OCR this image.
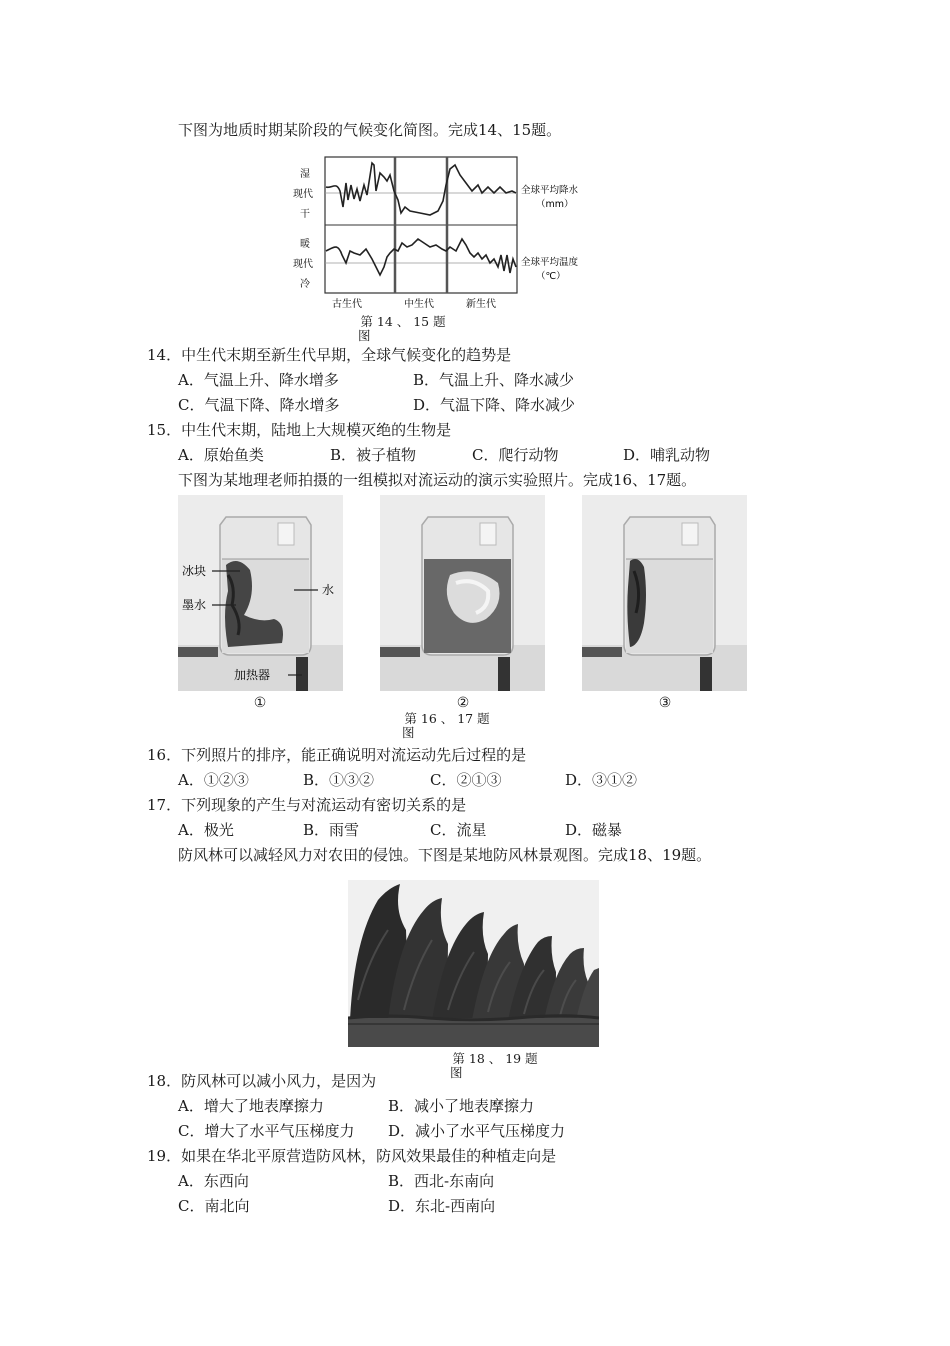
下图为地质时期某阶段的气候变化简图。完成14、15题。
湿
现代
干
暖
现代
冷
全球平均降水
（mm）
全球平均温度
（℃）
古生代	中生代	新生代
第 14 、 15 题
图
14．中生代末期至新生代早期，全球气候变化的趋势是
A．气温上升、降水增多	B．气温上升、降水减少
C．气温下降、降水增多	D．气温下降、降水减少
15．中生代末期，陆地上大规模灭绝的生物是
A．原始鱼类	B．被子植物	C．爬行动物	D．哺乳动物
下图为某地理老师拍摄的一组模拟对流运动的演示实验照片。完成16、17题。
冰块
墨水
水
加热器
①	②	③
第 16 、 17 题
图
16．下列照片的排序，能正确说明对流运动先后过程的是
A．①②③	B．①③②	C．②①③	D．③①②
17．下列现象的产生与对流运动有密切关系的是
A．极光	B．雨雪	C．流星	D．磁暴
防风林可以减轻风力对农田的侵蚀。下图是某地防风林景观图。完成18、19题。
第 18 、 19 题
图
18．防风林可以减小风力，是因为
A．增大了地表摩擦力	B．减小了地表摩擦力
C．增大了水平气压梯度力 D．减小了水平气压梯度力
19．如果在华北平原营造防风林，防风效果最佳的种植走向是
A．东西向	B．西北-东南向
C．南北向	D．东北-西南向
